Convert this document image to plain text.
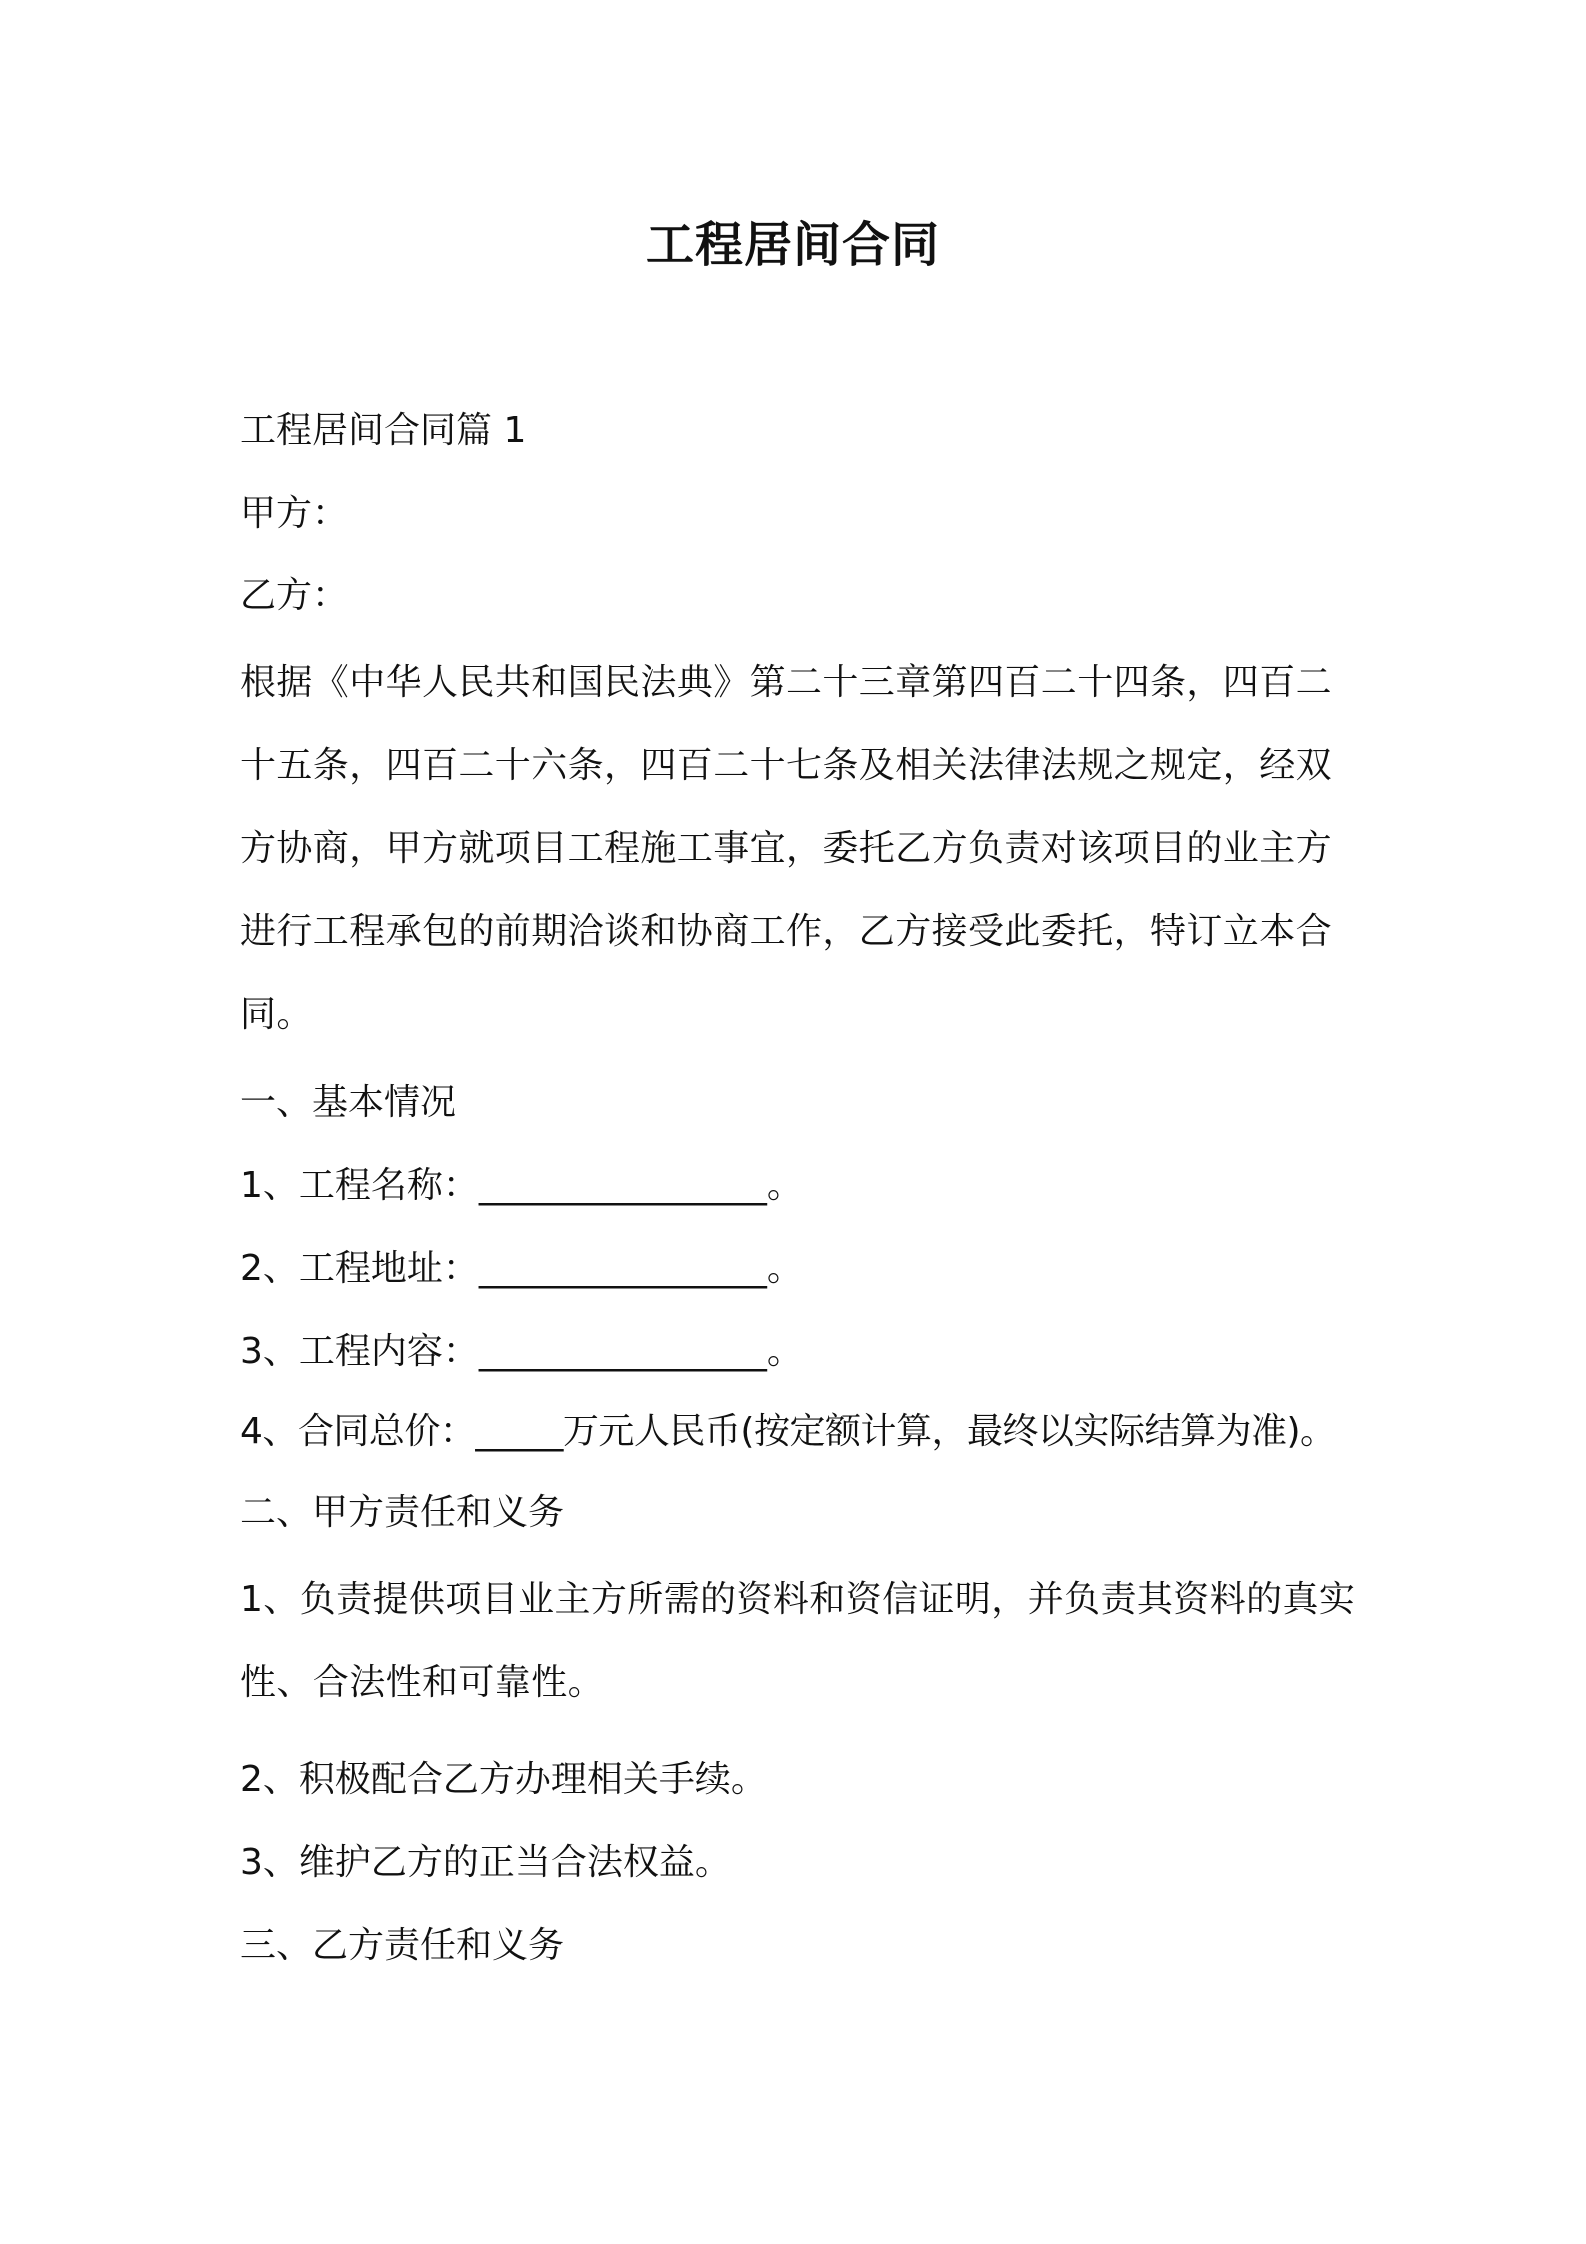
工程居间合同
工程居间合同篇 1
甲方：
乙方：
根据《中华人民共和国民法典》第二十三章第四百二十四条，四百二十五条，四百二十六条，四百二十七条及相关法律法规之规定，经双方协商，甲方就项目工程施工事宜，委托乙方负责对该项目的业主方进行工程承包的前期洽谈和协商工作，乙方接受此委托，特订立本合同。
一、基本情况
1、工程名称：________________。
2、工程地址：________________。
3、工程内容：________________。
4、合同总价：_____万元人民币(按定额计算，最终以实际结算为准)。
二、甲方责任和义务
1、负责提供项目业主方所需的资料和资信证明，并负责其资料的真实性、合法性和可靠性。
2、积极配合乙方办理相关手续。
3、维护乙方的正当合法权益。
三、乙方责任和义务
